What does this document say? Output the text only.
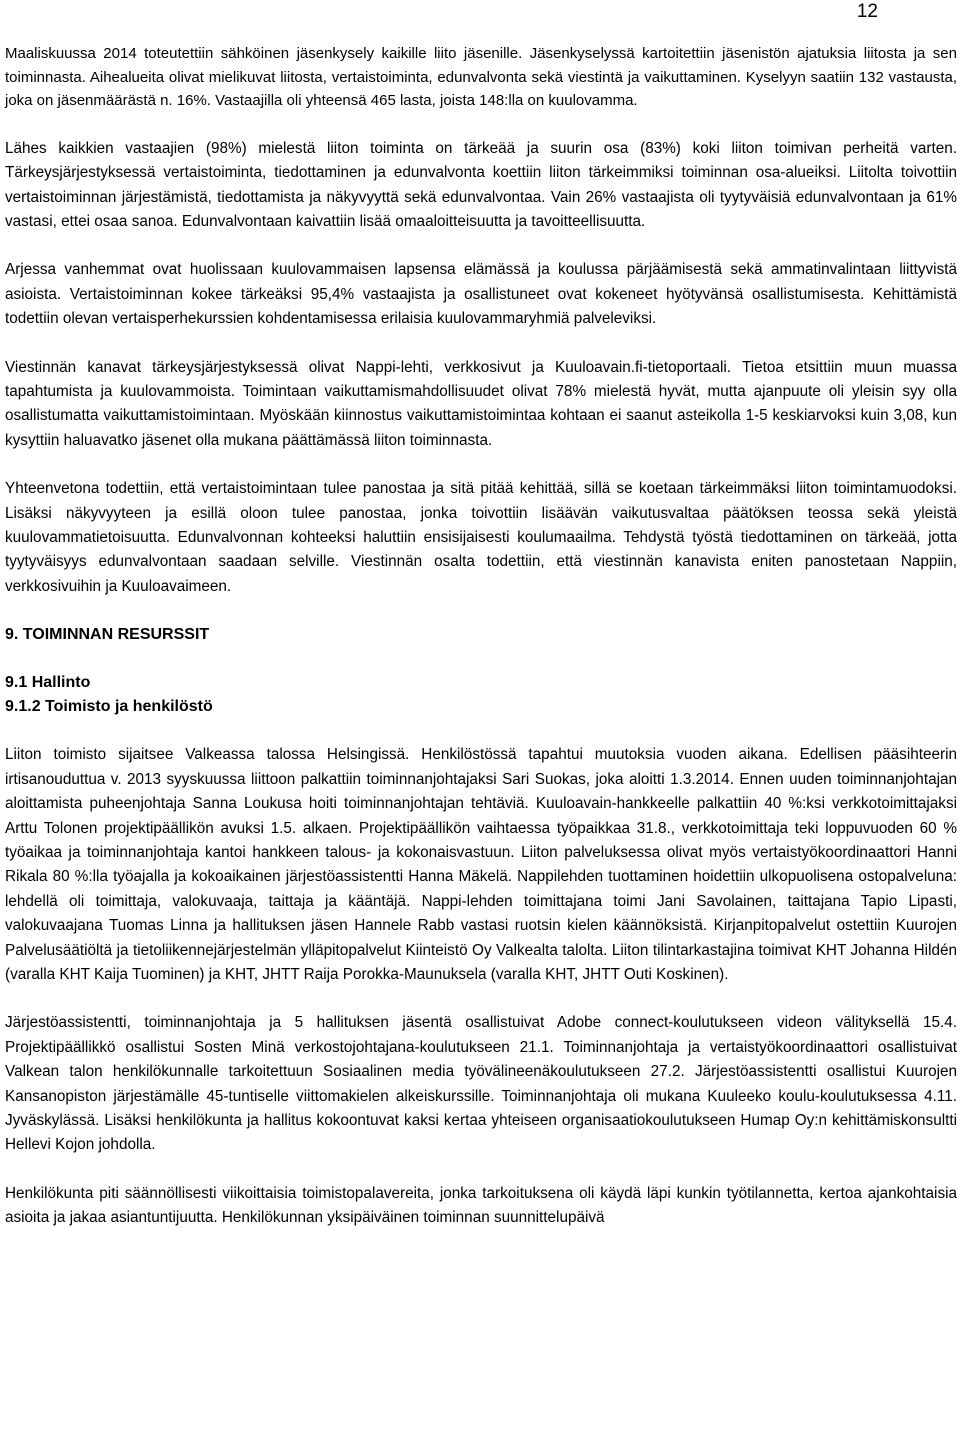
12

Maaliskuussa 2014 toteutettiin sähköinen jäsenkysely kaikille liito jäsenille. Jäsenkyselyssä kartoitettiin jäsenistön ajatuksia liitosta ja sen toiminnasta. Aihealueita olivat mielikuvat liitosta, vertaistoiminta, edunvalvonta sekä viestintä ja vaikuttaminen. Kyselyyn saatiin 132 vastausta, joka on jäsenmäärästä n. 16%. Vastaajilla oli yhteensä 465 lasta, joista 148:lla on kuulovamma.

Lähes kaikkien vastaajien (98%) mielestä liiton toiminta on tärkeää ja suurin osa (83%) koki liiton toimivan perheitä varten. Tärkeysjärjestyksessä vertaistoiminta, tiedottaminen ja edunvalvonta koettiin liiton tärkeimmiksi toiminnan osa-alueiksi. Liitolta toivottiin vertaistoiminnan järjestämistä, tiedottamista ja näkyvyyttä sekä edunvalvontaa. Vain 26% vastaajista oli tyytyväisiä edunvalvontaan ja 61% vastasi, ettei osaa sanoa. Edunvalvontaan kaivattiin lisää omaaloitteisuutta ja tavoitteellisuutta.

Arjessa vanhemmat ovat huolissaan kuulovammaisen lapsensa elämässä ja koulussa pärjäämisestä sekä ammatinvalintaan liittyvistä asioista. Vertaistoiminnan kokee tärkeäksi 95,4% vastaajista ja osallistuneet ovat kokeneet hyötyvänsä osallistumisesta. Kehittämistä todettiin olevan vertaisperhekurssien kohdentamisessa erilaisia kuulovammaryhmiä palveleviksi.

Viestinnän kanavat tärkeysjärjestyksessä olivat Nappi-lehti, verkkosivut ja Kuuloavain.fi-tietoportaali. Tietoa etsittiin muun muassa tapahtumista ja kuulovammoista. Toimintaan vaikuttamismahdollisuudet olivat 78% mielestä hyvät, mutta ajanpuute oli yleisin syy olla osallistumatta vaikuttamistoimintaan. Myöskään kiinnostus vaikuttamistoimintaa kohtaan ei saanut asteikolla 1-5 keskiarvoksi kuin 3,08, kun kysyttiin haluavatko jäsenet olla mukana päättämässä liiton toiminnasta.

Yhteenvetona todettiin, että vertaistoimintaan tulee panostaa ja sitä pitää kehittää, sillä se koetaan tärkeimmäksi liiton toimintamuodoksi. Lisäksi näkyvyyteen ja esillä oloon tulee panostaa, jonka toivottiin lisäävän vaikutusvaltaa päätöksen teossa sekä yleistä kuulovammatietoisuutta. Edunvalvonnan kohteeksi haluttiin ensisijaisesti koulumaailma. Tehdystä työstä tiedottaminen on tärkeää, jotta tyytyväisyys edunvalvontaan saadaan selville. Viestinnän osalta todettiin, että viestinnän kanavista eniten panostetaan Nappiin, verkkosivuihin ja Kuuloavaimeen.

9. TOIMINNAN RESURSSIT
9.1 Hallinto
9.1.2 Toimisto ja henkilöstö

Liiton toimisto sijaitsee Valkeassa talossa Helsingissä. Henkilöstössä tapahtui muutoksia vuoden aikana. Edellisen pääsihteerin irtisanouduttua v. 2013 syyskuussa liittoon palkattiin toiminnanjohtajaksi Sari Suokas, joka aloitti 1.3.2014. Ennen uuden toiminnanjohtajan aloittamista puheenjohtaja Sanna Loukusa hoiti toiminnanjohtajan tehtäviä. Kuuloavain-hankkeelle palkattiin 40 %:ksi verkkotoimittajaksi Arttu Tolonen projektipäällikön avuksi 1.5. alkaen. Projektipäällikön vaihtaessa työpaikkaa 31.8., verkkotoimittaja teki loppuvuoden 60 % työaikaa ja toiminnanjohtaja kantoi hankkeen talous- ja kokonaisvastuun. Liiton palveluksessa olivat myös vertaistyökoordinaattori Hanni Rikala 80 %:lla työajalla ja kokoaikainen järjestöassistentti Hanna Mäkelä. Nappilehden tuottaminen hoidettiin ulkopuolisena ostopalveluna: lehdellä oli toimittaja, valokuvaaja, taittaja ja kääntäjä. Nappi-lehden toimittajana toimi Jani Savolainen, taittajana Tapio Lipasti, valokuvaajana Tuomas Linna ja hallituksen jäsen Hannele Rabb vastasi ruotsin kielen käännöksistä. Kirjanpitopalvelut ostettiin Kuurojen Palvelusäätiöltä ja tietoliikennejärjestelmän ylläpitopalvelut Kiinteistö Oy Valkealta talolta. Liiton tilintarkastajina toimivat KHT Johanna Hildén (varalla KHT Kaija Tuominen) ja KHT, JHTT Raija Porokka-Maunuksela (varalla KHT, JHTT Outi Koskinen).

Järjestöassistentti, toiminnanjohtaja ja 5 hallituksen jäsentä osallistuivat Adobe connect-koulutukseen videon välityksellä 15.4. Projektipäällikkö osallistui Sosten Minä verkostojohtajana-koulutukseen 21.1. Toiminnanjohtaja ja vertaistyökoordinaattori osallistuivat Valkean talon henkilökunnalle tarkoitettuun Sosiaalinen media työvälineenäkoulutukseen 27.2. Järjestöassistentti osallistui Kuurojen Kansanopiston järjestämälle 45-tuntiselle viittomakielen alkeiskurssille. Toiminnanjohtaja oli mukana Kuuleeko koulu-koulutuksessa 4.11. Jyväskylässä. Lisäksi henkilökunta ja hallitus kokoontuvat kaksi kertaa yhteiseen organisaatiokoulutukseen Humap Oy:n kehittämiskonsultti Hellevi Kojon johdolla.

Henkilökunta piti säännöllisesti viikoittaisia toimistopalavereita, jonka tarkoituksena oli käydä läpi kunkin työtilannetta, kertoa ajankohtaisia asioita ja jakaa asiantuntijuutta. Henkilökunnan yksipäiväinen toiminnan suunnittelupäivä
